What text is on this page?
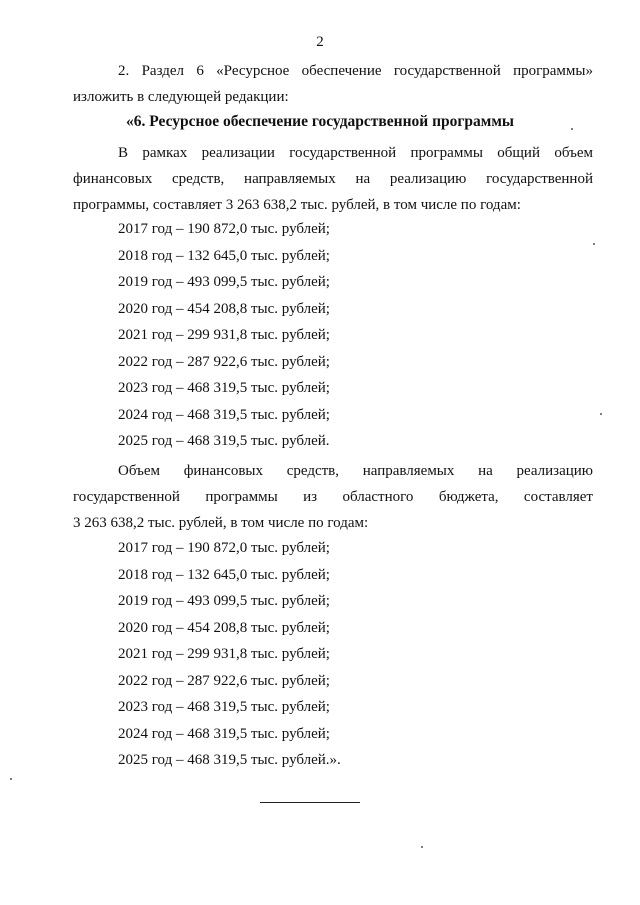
2
2. Раздел 6 «Ресурсное обеспечение государственной программы»
изложить в следующей редакции:
«6. Ресурсное обеспечение государственной программы
В рамках реализации государственной программы общий объем
финансовых средств, направляемых на реализацию государственной
программы, составляет 3 263 638,2 тыс. рублей, в том числе по годам:
2017 год – 190 872,0 тыс. рублей;
2018 год – 132 645,0 тыс. рублей;
2019 год – 493 099,5 тыс. рублей;
2020 год – 454 208,8 тыс. рублей;
2021 год – 299 931,8 тыс. рублей;
2022 год – 287 922,6 тыс. рублей;
2023 год – 468 319,5 тыс. рублей;
2024 год – 468 319,5 тыс. рублей;
2025 год – 468 319,5 тыс. рублей.
Объем финансовых средств, направляемых на реализацию
государственной программы из областного бюджета, составляет
3 263 638,2 тыс. рублей, в том числе по годам:
2017 год – 190 872,0 тыс. рублей;
2018 год – 132 645,0 тыс. рублей;
2019 год – 493 099,5 тыс. рублей;
2020 год – 454 208,8 тыс. рублей;
2021 год – 299 931,8 тыс. рублей;
2022 год – 287 922,6 тыс. рублей;
2023 год – 468 319,5 тыс. рублей;
2024 год – 468 319,5 тыс. рублей;
2025 год – 468 319,5 тыс. рублей.».
